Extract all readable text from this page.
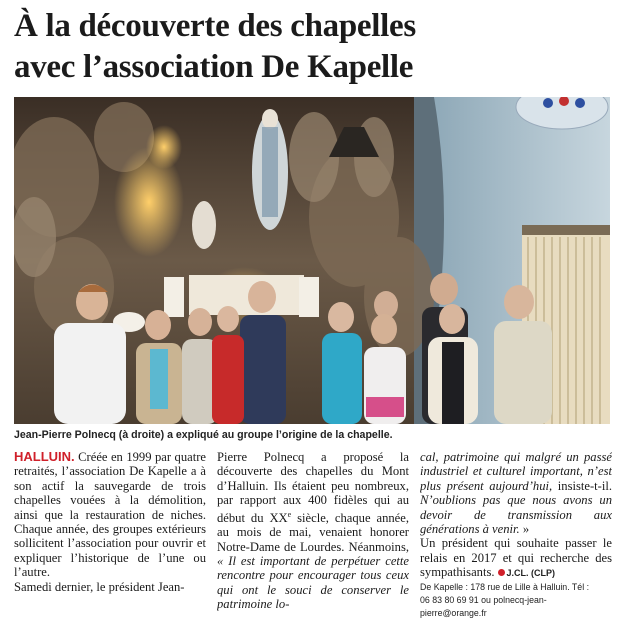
À la découverte des chapelles
avec l’association De Kapelle
Jean-Pierre Polnecq (à droite) a expliqué au groupe l’origine de la chapelle.
HALLUIN. Créée en 1999 par quatre retraités, l’association De Kapelle a à son actif la sauvegarde de trois chapelles vouées à la démolition, ainsi que la restauration de niches. Chaque année, des groupes extérieurs sollicitent l’association pour ouvrir et expliquer l’historique de l’une ou l’autre.
Samedi dernier, le président Jean-
Pierre Polnecq a proposé la découverte des chapelles du Mont d’Halluin. Ils étaient peu nombreux, par rapport aux 400 fidèles qui au début du XXe siècle, chaque année, au mois de mai, venaient honorer Notre-Dame de Lourdes. Néanmoins, « Il est important de perpétuer cette rencontre pour encourager tous ceux qui ont le souci de conserver le patrimoine lo-
cal, patrimoine qui malgré un passé industriel et culturel important, n’est plus présent aujourd’hui, insiste-t-il. N’oublions pas que nous avons un devoir de transmission aux générations à venir. »
Un président qui souhaite passer le relais en 2017 et qui recherche des sympathisants. J.CL. (CLP)
De Kapelle : 178 rue de Lille à Halluin. Tél :
06 83 80 69 91 ou polnecq-jean-pierre@orange.fr
